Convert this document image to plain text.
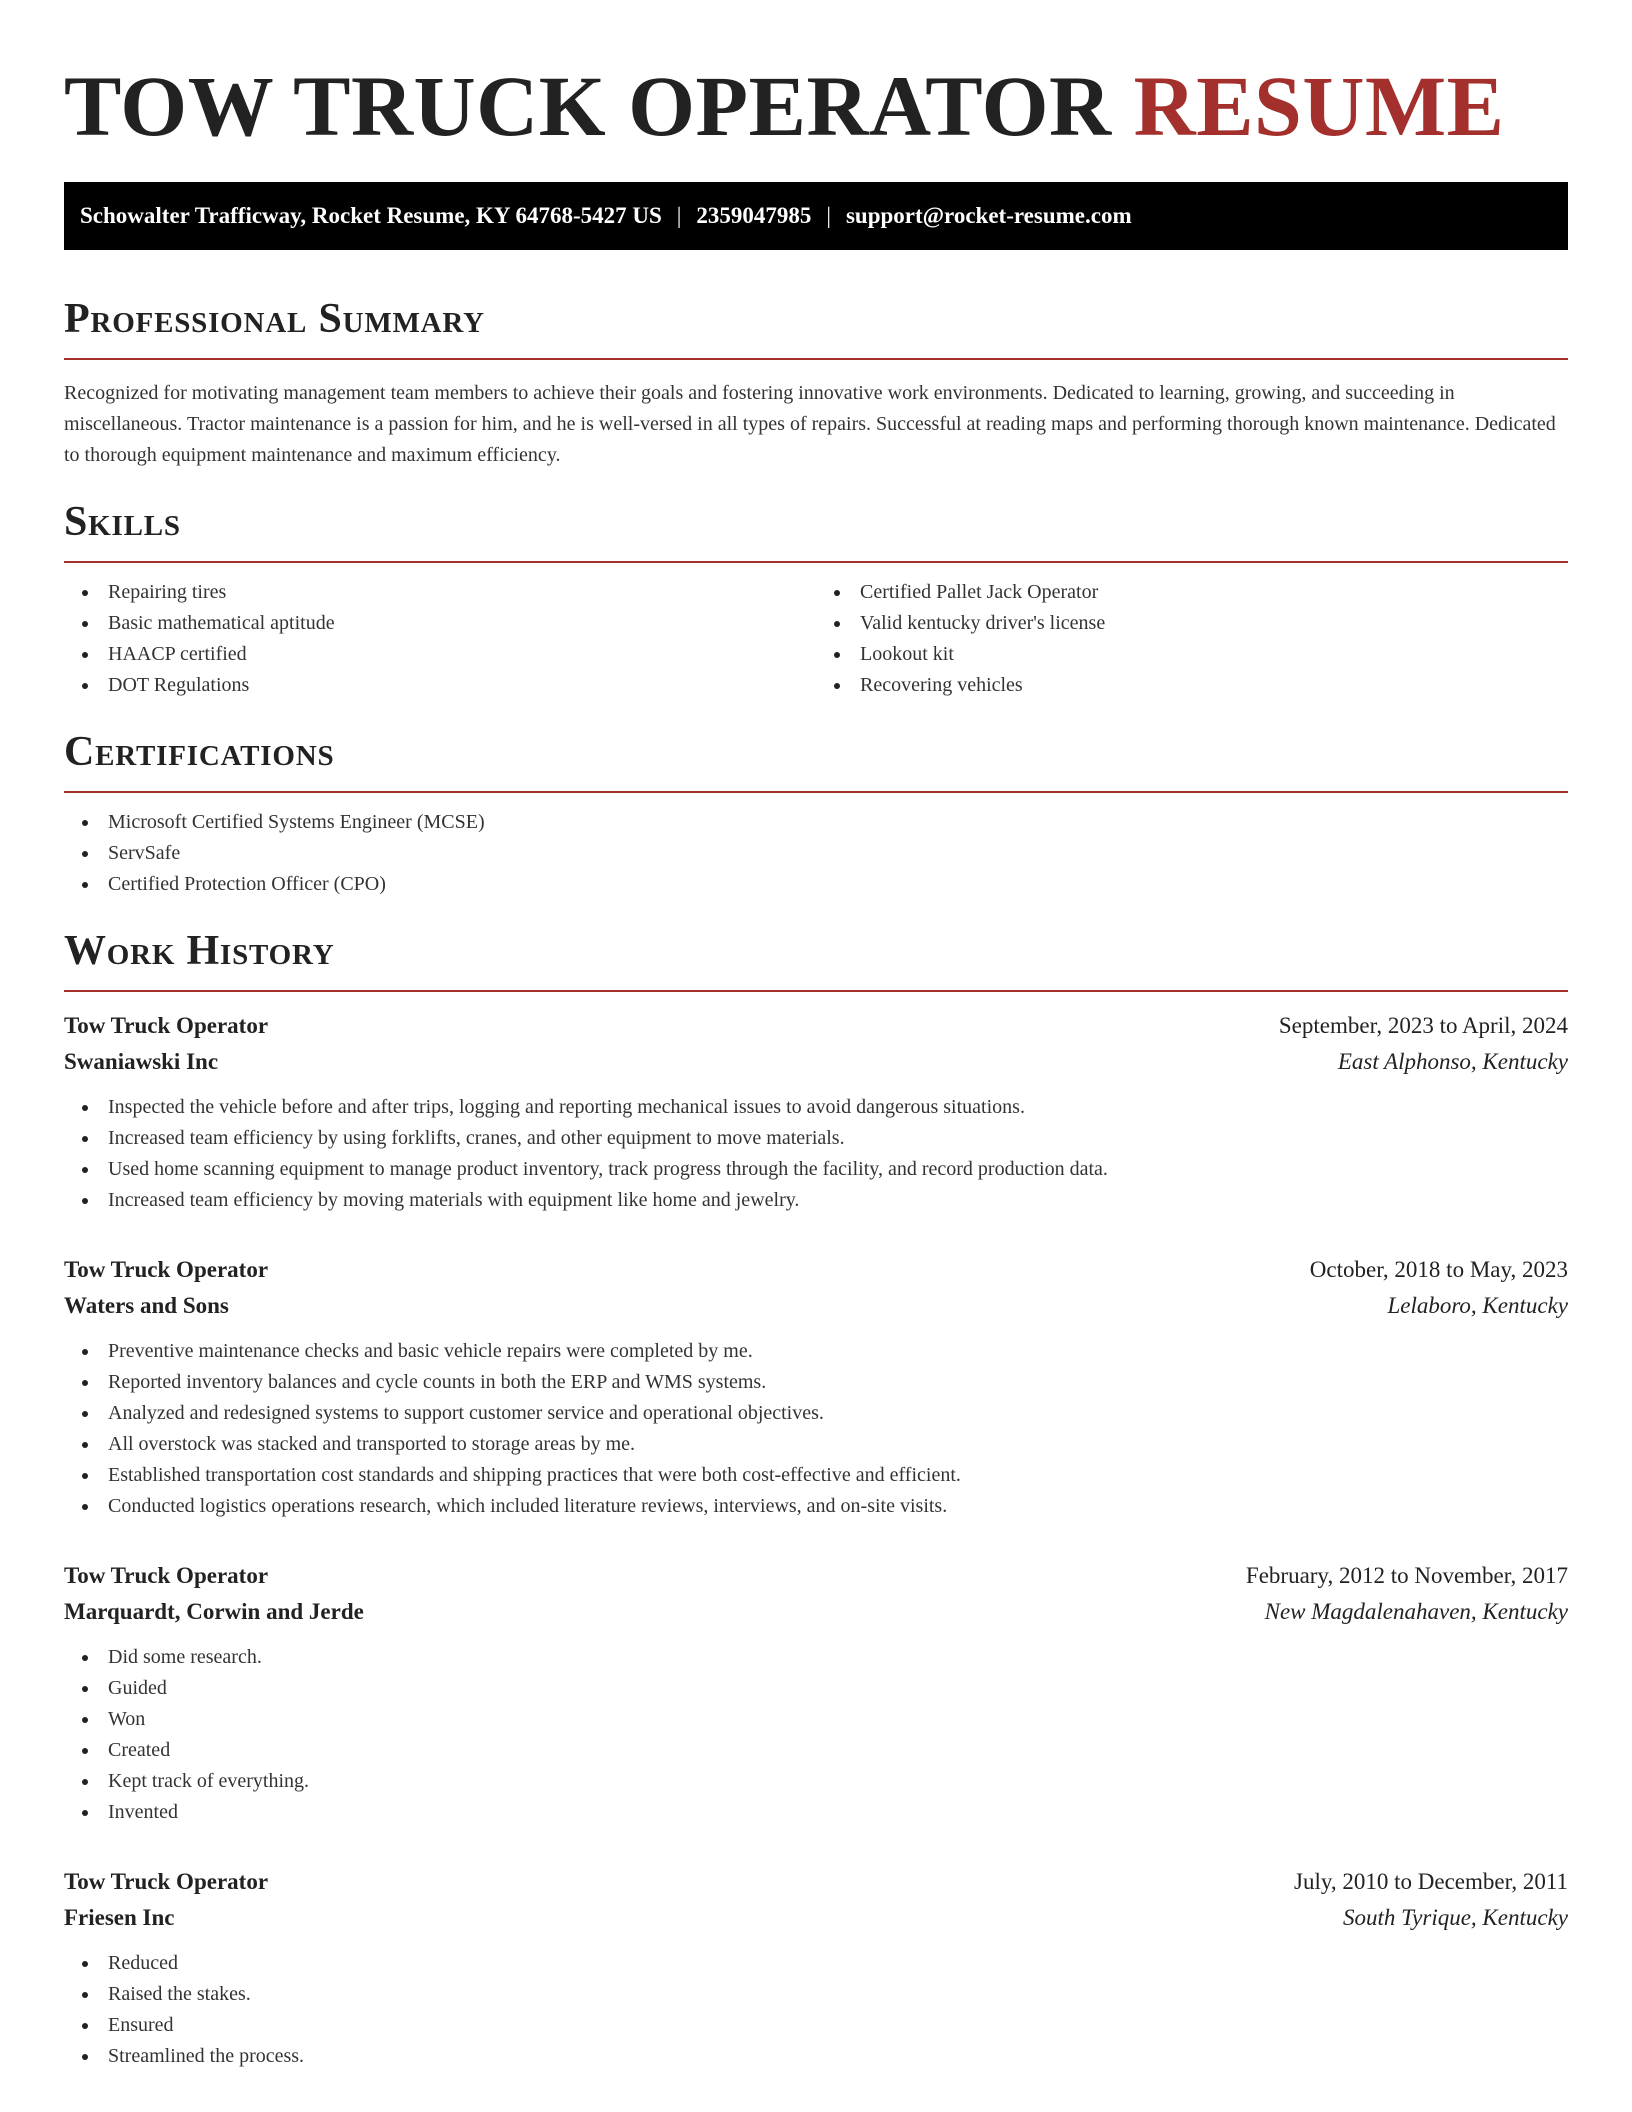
TOW TRUCK OPERATOR RESUME
Schowalter Trafficway, Rocket Resume, KY 64768-5427 US | 2359047985 | support@rocket-resume.com
Professional Summary

Recognized for motivating management team members to achieve their goals and fostering innovative work environments. Dedicated to learning, growing, and succeeding in miscellaneous. Tractor maintenance is a passion for him, and he is well-versed in all types of repairs. Successful at reading maps and performing thorough known maintenance. Dedicated to thorough equipment maintenance and maximum efficiency.

Skills
Repairing tires
Basic mathematical aptitude
HAACP certified
DOT Regulations
Certified Pallet Jack Operator
Valid kentucky driver's license
Lookout kit
Recovering vehicles
Certifications
Microsoft Certified Systems Engineer (MCSE)
ServSafe
Certified Protection Officer (CPO)
Work History
Tow Truck Operator	September, 2023 to April, 2024
Swaniawski Inc	East Alphonso, Kentucky
Inspected the vehicle before and after trips, logging and reporting mechanical issues to avoid dangerous situations.
Increased team efficiency by using forklifts, cranes, and other equipment to move materials.
Used home scanning equipment to manage product inventory, track progress through the facility, and record production data.
Increased team efficiency by moving materials with equipment like home and jewelry.
Tow Truck Operator	October, 2018 to May, 2023
Waters and Sons	Lelaboro, Kentucky
Preventive maintenance checks and basic vehicle repairs were completed by me.
Reported inventory balances and cycle counts in both the ERP and WMS systems.
Analyzed and redesigned systems to support customer service and operational objectives.
All overstock was stacked and transported to storage areas by me.
Established transportation cost standards and shipping practices that were both cost-effective and efficient.
Conducted logistics operations research, which included literature reviews, interviews, and on-site visits.
Tow Truck Operator	February, 2012 to November, 2017
Marquardt, Corwin and Jerde	New Magdalenahaven, Kentucky
Did some research.
Guided
Won
Created
Kept track of everything.
Invented
Tow Truck Operator	July, 2010 to December, 2011
Friesen Inc	South Tyrique, Kentucky
Reduced
Raised the stakes.
Ensured
Streamlined the process.
